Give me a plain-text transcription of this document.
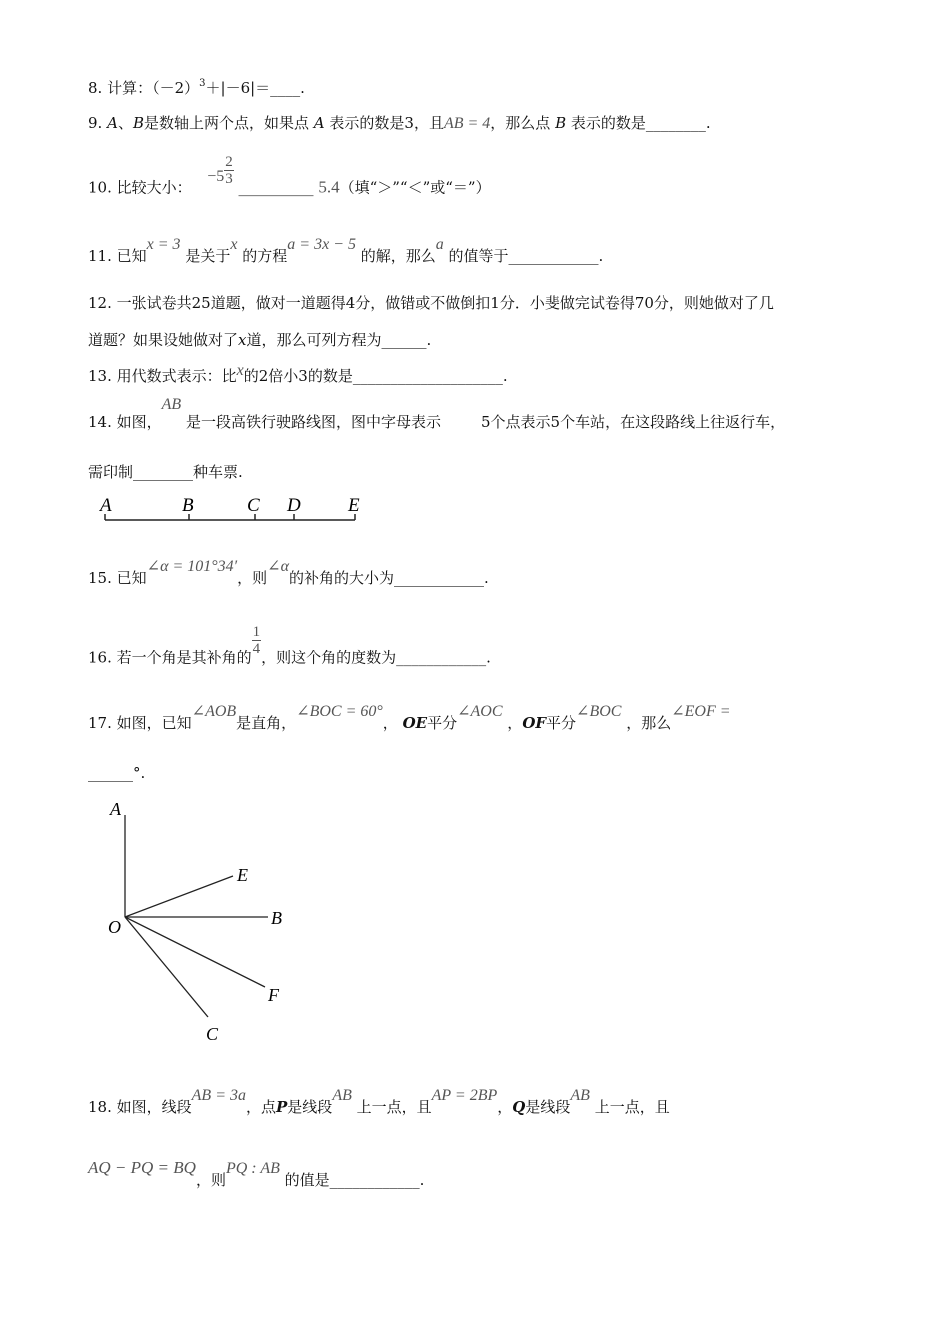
8. 计算：$(-2)^3+|-6|=\_\_\_\_$.
9. A、B是数轴上两个点，如果点 A 表示的数是3，且AB = 4，那么点 B 表示的数是________.
10. 比较大小：  $-5 \frac{2}{3}$
__________ 5.4（填“＞”“＜”或“＝”）
11. 已知x = 3 是关于x 的方程a = 3x − 5 的解，那么a 的值等于____________.
12. 一张试卷共25道题，做对一道题得4分，做错或不做倒扣1分．小斐做完试卷得70分，则她做对了几
道题？如果设她做对了x道，那么可列方程为______.
13. 用代数式表示：比x的2倍小3的数是____________________.
14. 如图，AB 是一段高铁行驶路线图，图中字母表示	5个点表示5个车站，在这段路线上往返行车，
需印制________种车票.
A	B	C D E
15. 已知∠α = 101°34′，则∠α的补角的大小为____________.
16. 若一个角是其补角的
$\frac{1}{4}$
，则这个角的度数为____________.
17. 如图，已知∠AOB是直角，∠BOC = 60°， OE平分∠AOC ，OF平分∠BOC ，那么∠EOF =
______°.
A
E
B
O
F
C
18. 如图，线段AB = 3a，点P是线段AB 上一点，且AP = 2BP，Q是线段AB 上一点，且
AQ − PQ = BQ，则PQ : AB 的值是____________.
